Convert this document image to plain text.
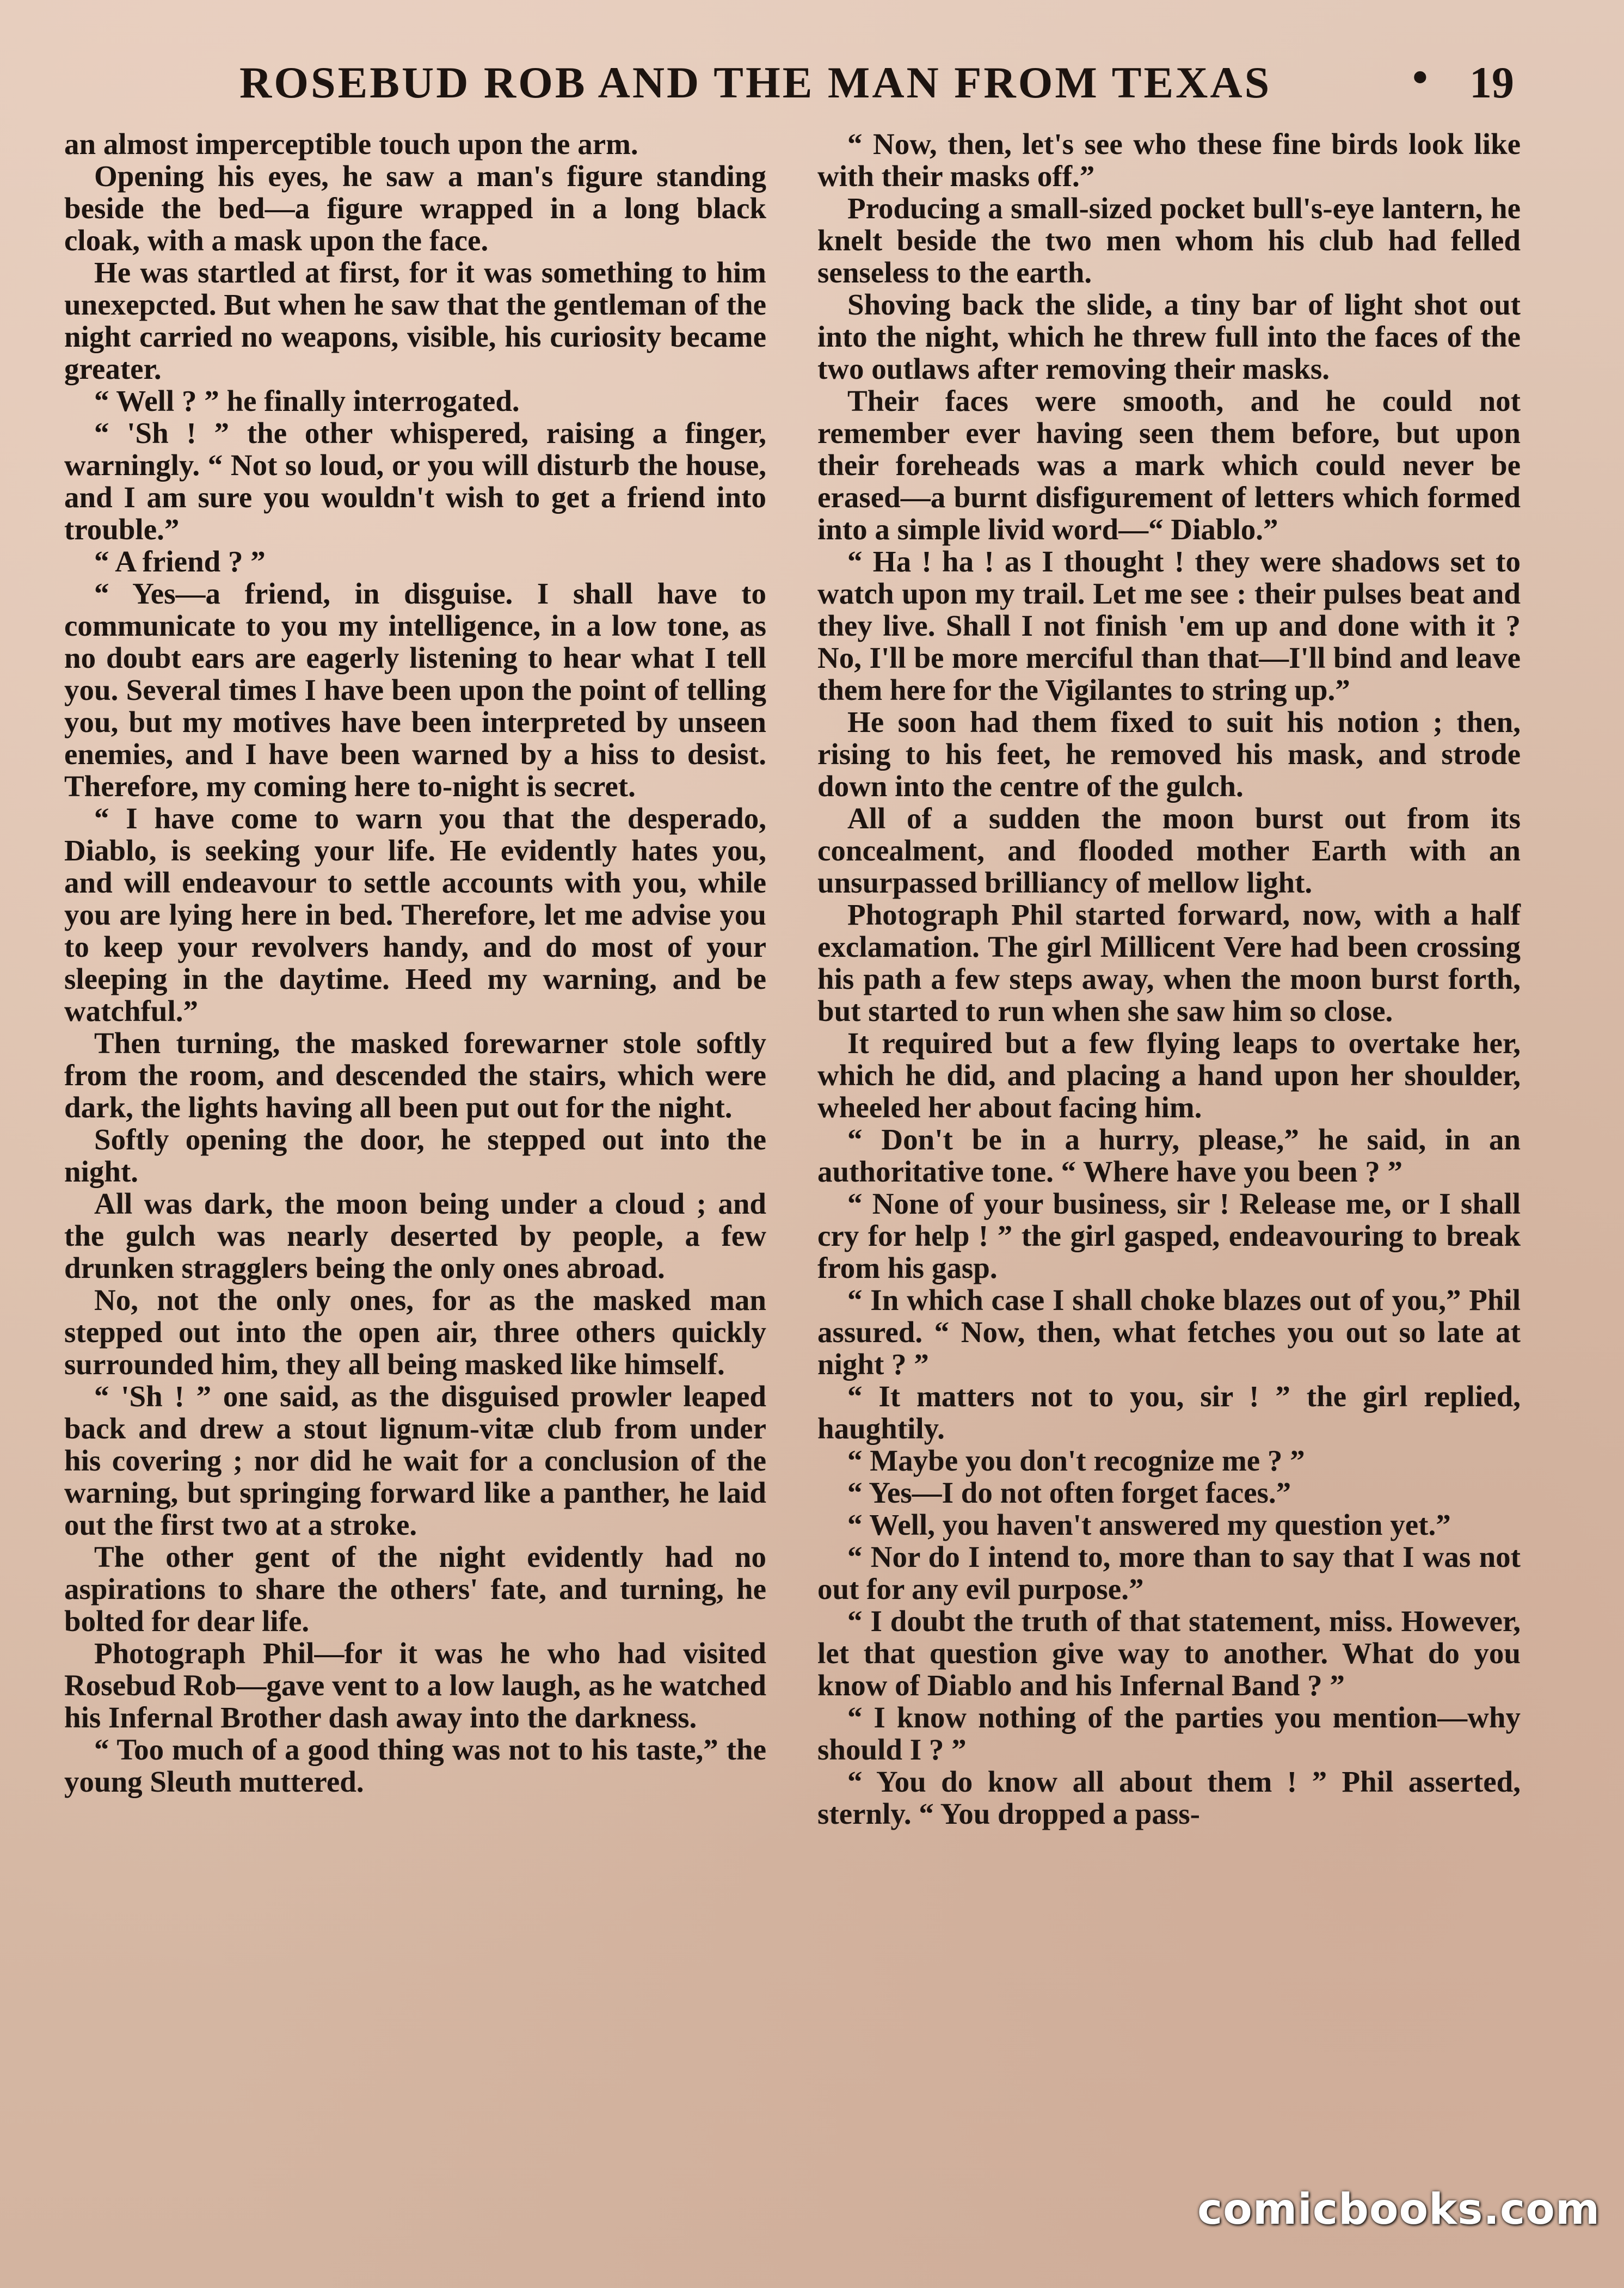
ROSEBUD ROB AND THE MAN FROM TEXAS	• 19

an almost imperceptible touch upon the arm.

Opening his eyes, he saw a man's figure standing beside the bed—a figure wrapped in a long black cloak, with a mask upon the face.

He was startled at first, for it was something to him unexepcted. But when he saw that the gentleman of the night carried no weapons, visible, his curiosity became greater.

“ Well ? ” he finally interrogated.

“ 'Sh ! ” the other whispered, raising a finger, warningly. “ Not so loud, or you will disturb the house, and I am sure you wouldn't wish to get a friend into trouble.”

“ A friend ? ”

“ Yes—a friend, in disguise. I shall have to communicate to you my intelligence, in a low tone, as no doubt ears are eagerly listening to hear what I tell you. Several times I have been upon the point of telling you, but my motives have been interpreted by unseen enemies, and I have been warned by a hiss to desist. Therefore, my coming here to-night is secret.

“ I have come to warn you that the desperado, Diablo, is seeking your life. He evidently hates you, and will endeavour to settle accounts with you, while you are lying here in bed. Therefore, let me advise you to keep your revolvers handy, and do most of your sleeping in the daytime. Heed my warning, and be watchful.”

Then turning, the masked forewarner stole softly from the room, and descended the stairs, which were dark, the lights having all been put out for the night.

Softly opening the door, he stepped out into the night.

All was dark, the moon being under a cloud ; and the gulch was nearly deserted by people, a few drunken stragglers being the only ones abroad.

No, not the only ones, for as the masked man stepped out into the open air, three others quickly surrounded him, they all being masked like himself.

“ 'Sh ! ” one said, as the disguised prowler leaped back and drew a stout lignum-vitæ club from under his covering ; nor did he wait for a conclusion of the warning, but springing forward like a panther, he laid out the first two at a stroke.

The other gent of the night evidently had no aspirations to share the others' fate, and turning, he bolted for dear life.

Photograph Phil—for it was he who had visited Rosebud Rob—gave vent to a low laugh, as he watched his Infernal Brother dash away into the darkness.

“ Too much of a good thing was not to his taste,” the young Sleuth muttered.

“ Now, then, let's see who these fine birds look like with their masks off.”

Producing a small-sized pocket bull's-eye lantern, he knelt beside the two men whom his club had felled senseless to the earth.

Shoving back the slide, a tiny bar of light shot out into the night, which he threw full into the faces of the two outlaws after removing their masks.

Their faces were smooth, and he could not remember ever having seen them before, but upon their foreheads was a mark which could never be erased—a burnt disfigurement of letters which formed into a simple livid word—“ Diablo.”

“ Ha ! ha ! as I thought ! they were shadows set to watch upon my trail. Let me see : their pulses beat and they live. Shall I not finish 'em up and done with it ? No, I'll be more merciful than that—I'll bind and leave them here for the Vigilantes to string up.”

He soon had them fixed to suit his notion ; then, rising to his feet, he removed his mask, and strode down into the centre of the gulch.

All of a sudden the moon burst out from its concealment, and flooded mother Earth with an unsurpassed brilliancy of mellow light.

Photograph Phil started forward, now, with a half exclamation. The girl Millicent Vere had been crossing his path a few steps away, when the moon burst forth, but started to run when she saw him so close.

It required but a few flying leaps to overtake her, which he did, and placing a hand upon her shoulder, wheeled her about facing him.

“ Don't be in a hurry, please,” he said, in an authoritative tone. “ Where have you been ? ”

“ None of your business, sir ! Release me, or I shall cry for help ! ” the girl gasped, endeavouring to break from his gasp.

“ In which case I shall choke blazes out of you,” Phil assured. “ Now, then, what fetches you out so late at night ? ”

“ It matters not to you, sir ! ” the girl replied, haughtily.

“ Maybe you don't recognize me ? ”

“ Yes—I do not often forget faces.”

“ Well, you haven't answered my question yet.”

“ Nor do I intend to, more than to say that I was not out for any evil purpose.”

“ I doubt the truth of that statement, miss. However, let that question give way to another. What do you know of Diablo and his Infernal Band ? ”

“ I know nothing of the parties you mention—why should I ? ”

“ You do know all about them ! ” Phil asserted, sternly. “ You dropped a pass-

comicbooks.com
